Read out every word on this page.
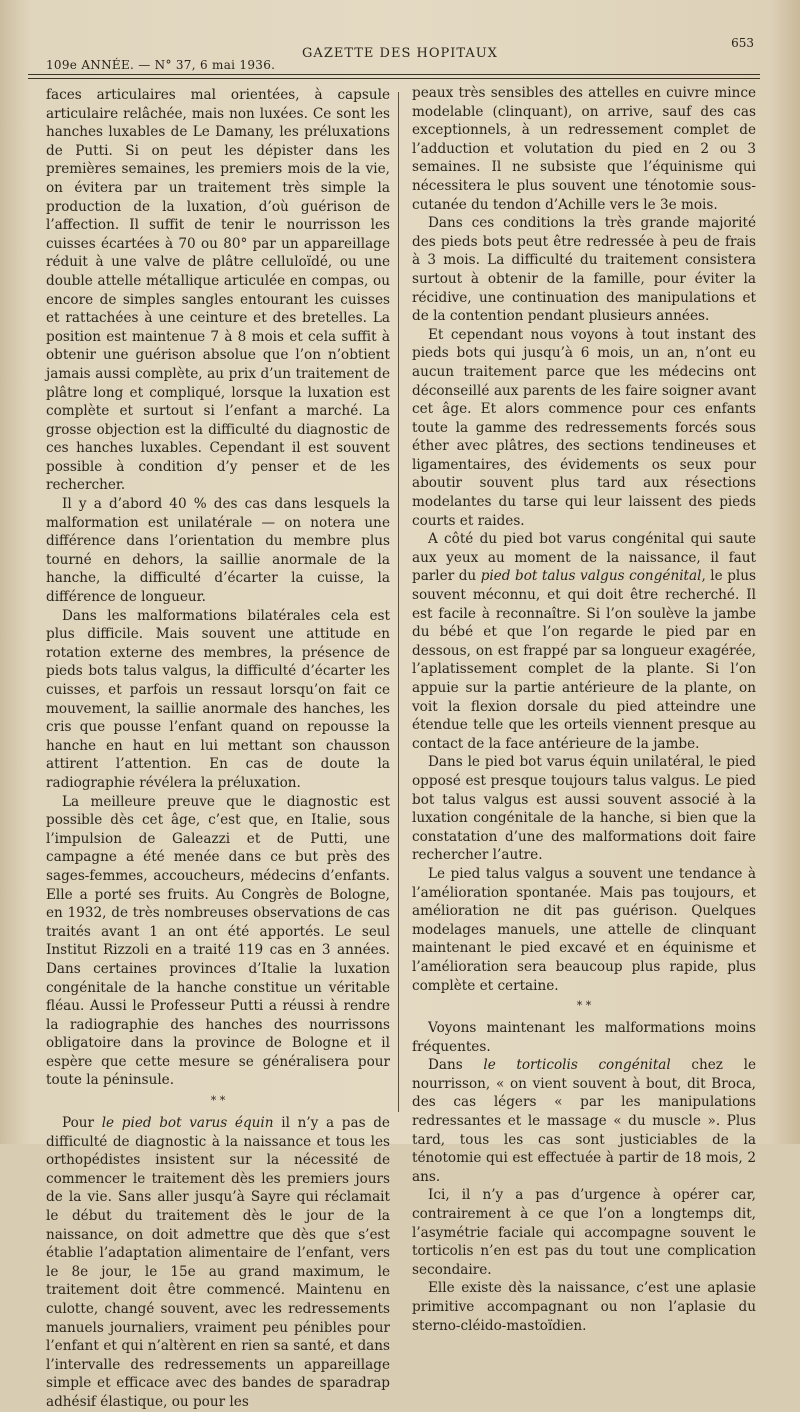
109e ANNÉE. — N° 37, 6 mai 1936.
GAZETTE DES HOPITAUX
653

faces articulaires mal orientées, à capsule articulaire relâchée, mais non luxées. Ce sont les hanches luxables de Le Damany, les préluxations de Putti. Si on peut les dépister dans les premières semaines, les premiers mois de la vie, on évitera par un traitement très simple la production de la luxation, d’où guérison de l’affection. Il suffit de tenir le nourrisson les cuisses écartées à 70 ou 80° par un appareillage réduit à une valve de plâtre celluloïdé, ou une double attelle métallique articulée en compas, ou encore de simples sangles entourant les cuisses et rattachées à une ceinture et des bretelles. La position est maintenue 7 à 8 mois et cela suffit à obtenir une guérison absolue que l’on n’obtient jamais aussi complète, au prix d’un traitement de plâtre long et compliqué, lorsque la luxation est complète et surtout si l’enfant a marché. La grosse objection est la difficulté du diagnostic de ces hanches luxables. Cependant il est souvent possible à condition d’y penser et de les rechercher.

Il y a d’abord 40 % des cas dans lesquels la malformation est unilatérale — on notera une différence dans l’orientation du membre plus tourné en dehors, la saillie anormale de la hanche, la difficulté d’écarter la cuisse, la différence de longueur.

Dans les malformations bilatérales cela est plus difficile. Mais souvent une attitude en rotation externe des membres, la présence de pieds bots talus valgus, la difficulté d’écarter les cuisses, et parfois un ressaut lorsqu’on fait ce mouvement, la saillie anormale des hanches, les cris que pousse l’enfant quand on repousse la hanche en haut en lui mettant son chausson attirent l’attention. En cas de doute la radiographie révélera la préluxation.

La meilleure preuve que le diagnostic est possible dès cet âge, c’est que, en Italie, sous l’impulsion de Galeazzi et de Putti, une campagne a été menée dans ce but près des sages-femmes, accoucheurs, médecins d’enfants. Elle a porté ses fruits. Au Congrès de Bologne, en 1932, de très nombreuses observations de cas traités avant 1 an ont été apportés. Le seul Institut Rizzoli en a traité 119 cas en 3 années. Dans certaines provinces d’Italie la luxation congénitale de la hanche constitue un véritable fléau. Aussi le Professeur Putti a réussi à rendre la radiographie des hanches des nourrissons obligatoire dans la province de Bologne et il espère que cette mesure se généralisera pour toute la péninsule.

* *

Pour le pied bot varus équin il n’y a pas de difficulté de diagnostic à la naissance et tous les orthopédistes insistent sur la nécessité de commencer le traitement dès les premiers jours de la vie. Sans aller jusqu’à Sayre qui réclamait le début du traitement dès le jour de la naissance, on doit admettre que dès que s’est établie l’adaptation alimentaire de l’enfant, vers le 8e jour, le 15e au grand maximum, le traitement doit être commencé. Maintenu en culotte, changé souvent, avec les redressements manuels journaliers, vraiment peu pénibles pour l’enfant et qui n’altèrent en rien sa santé, et dans l’intervalle des redressements un appareillage simple et efficace avec des bandes de sparadrap adhésif élastique, ou pour les

peaux très sensibles des attelles en cuivre mince modelable (clinquant), on arrive, sauf des cas exceptionnels, à un redressement complet de l’adduction et volutation du pied en 2 ou 3 semaines. Il ne subsiste que l’équinisme qui nécessitera le plus souvent une ténotomie sous-cutanée du tendon d’Achille vers le 3e mois.

Dans ces conditions la très grande majorité des pieds bots peut être redressée à peu de frais à 3 mois. La difficulté du traitement consistera surtout à obtenir de la famille, pour éviter la récidive, une continuation des manipulations et de la contention pendant plusieurs années.

Et cependant nous voyons à tout instant des pieds bots qui jusqu’à 6 mois, un an, n’ont eu aucun traitement parce que les médecins ont déconseillé aux parents de les faire soigner avant cet âge. Et alors commence pour ces enfants toute la gamme des redressements forcés sous éther avec plâtres, des sections tendineuses et ligamentaires, des évidements os seux pour aboutir souvent plus tard aux résections modelantes du tarse qui leur laissent des pieds courts et raides.

A côté du pied bot varus congénital qui saute aux yeux au moment de la naissance, il faut parler du pied bot talus valgus congénital, le plus souvent méconnu, et qui doit être recherché. Il est facile à reconnaître. Si l’on soulève la jambe du bébé et que l’on regarde le pied par en dessous, on est frappé par sa longueur exagérée, l’aplatissement complet de la plante. Si l’on appuie sur la partie antérieure de la plante, on voit la flexion dorsale du pied atteindre une étendue telle que les orteils viennent presque au contact de la face antérieure de la jambe.

Dans le pied bot varus équin unilatéral, le pied opposé est presque toujours talus valgus. Le pied bot talus valgus est aussi souvent associé à la luxation congénitale de la hanche, si bien que la constatation d’une des malformations doit faire rechercher l’autre.

Le pied talus valgus a souvent une tendance à l’amélioration spontanée. Mais pas toujours, et amélioration ne dit pas guérison. Quelques modelages manuels, une attelle de clinquant maintenant le pied excavé et en équinisme et l’amélioration sera beaucoup plus rapide, plus complète et certaine.

* *

Voyons maintenant les malformations moins fréquentes.

Dans le torticolis congénital chez le nourrisson, « on vient souvent à bout, dit Broca, des cas légers « par les manipulations redressantes et le massage « du muscle ». Plus tard, tous les cas sont justiciables de la ténotomie qui est effectuée à partir de 18 mois, 2 ans.

Ici, il n’y a pas d’urgence à opérer car, contrairement à ce que l’on a longtemps dit, l’asymétrie faciale qui accompagne souvent le torticolis n’en est pas du tout une complication secondaire.

Elle existe dès la naissance, c’est une aplasie primitive accompagnant ou non l’aplasie du sterno-cléido-mastoïdien.
